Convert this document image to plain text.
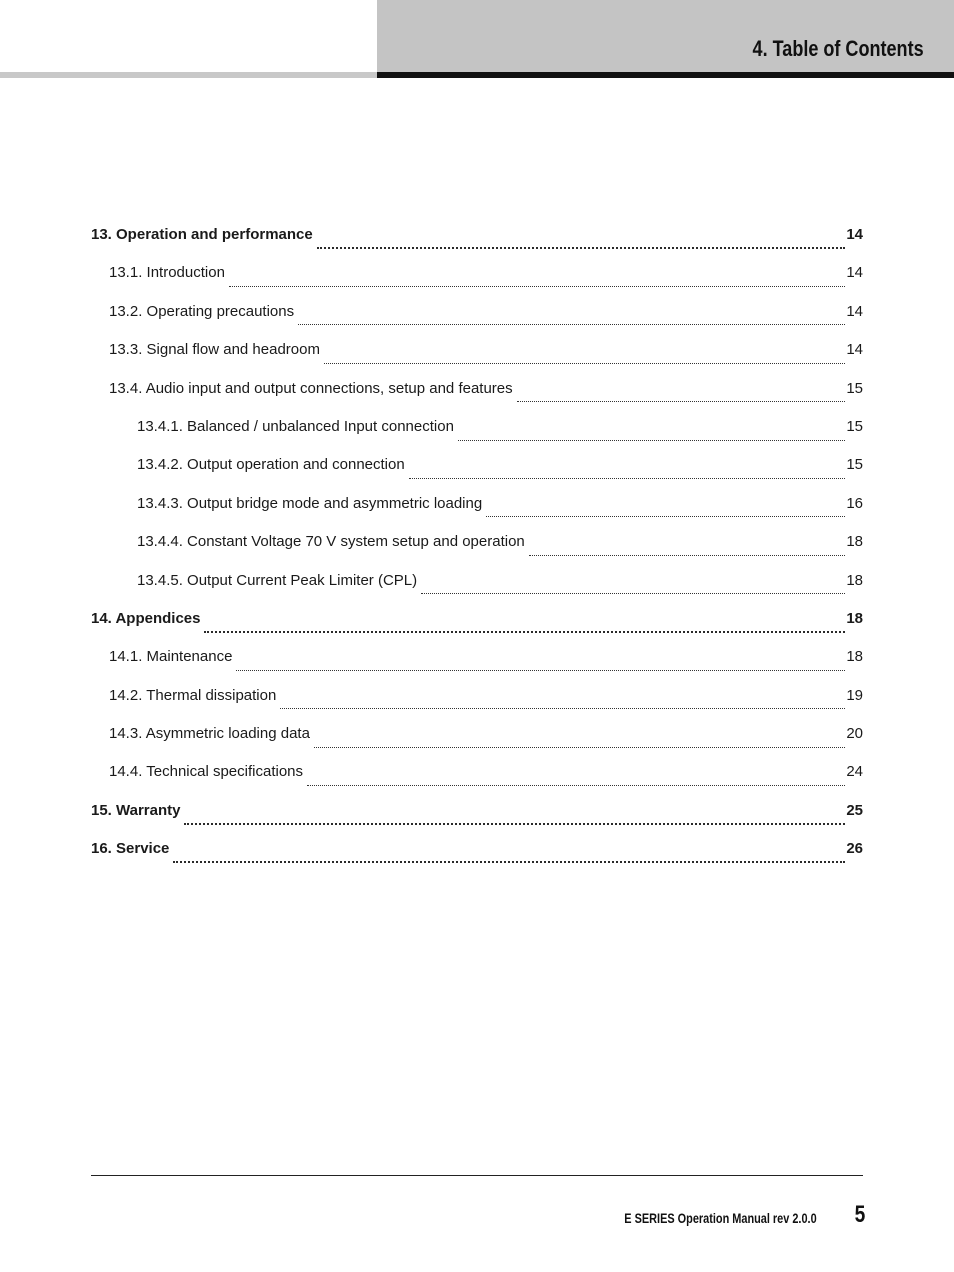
4. Table of Contents
13. Operation and performance	14
13.1. Introduction	14
13.2. Operating precautions	14
13.3. Signal flow and headroom	14
13.4. Audio input and output connections, setup and features	15
13.4.1. Balanced / unbalanced Input connection	15
13.4.2. Output operation and connection	15
13.4.3. Output bridge mode and asymmetric loading	16
13.4.4. Constant Voltage 70 V system setup and operation	18
13.4.5. Output Current Peak Limiter (CPL)	18
14. Appendices	18
14.1. Maintenance	18
14.2. Thermal dissipation	19
14.3. Asymmetric loading data	20
14.4. Technical specifications	24
15. Warranty	25
16. Service	26
E SERIES Operation Manual rev 2.0.0 5
